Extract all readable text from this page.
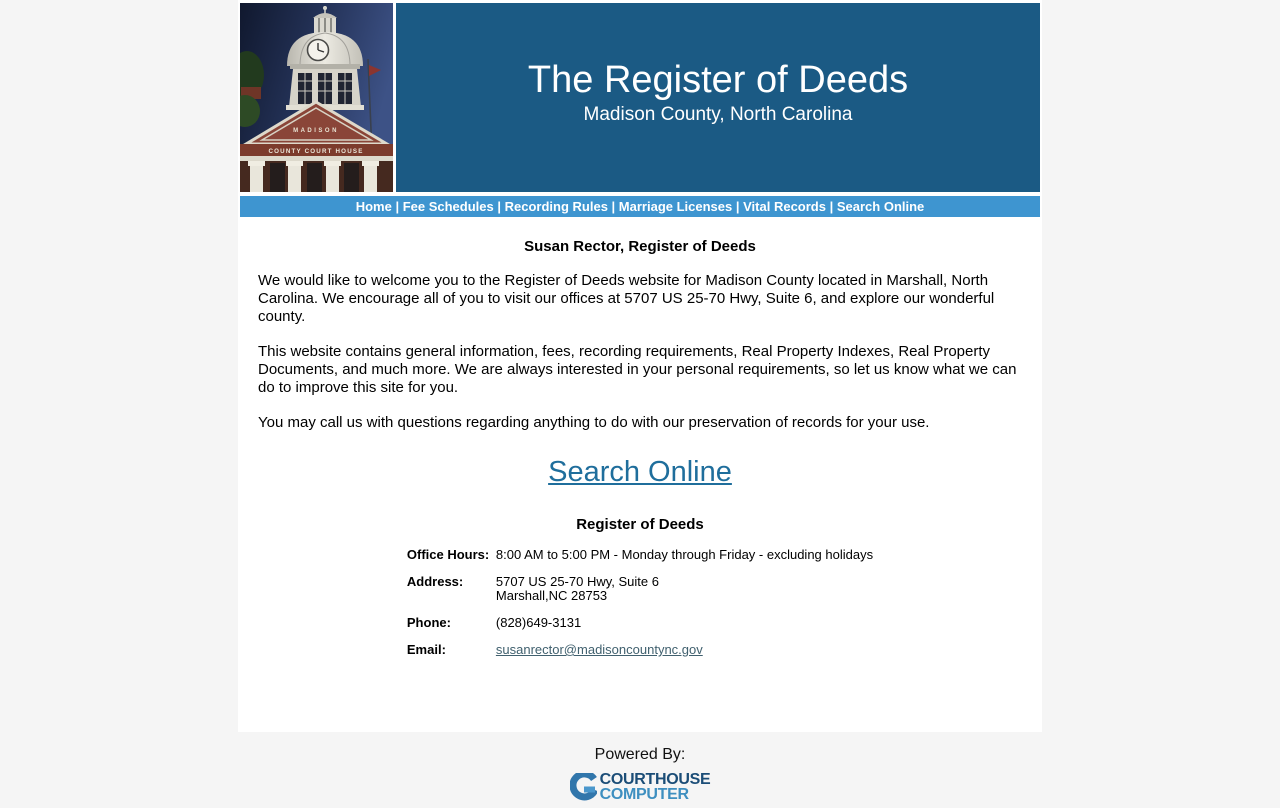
MADISON
COUNTY COURT HOUSE
The Register of Deeds
Madison County, North Carolina
Home | Fee Schedules | Recording Rules | Marriage Licenses | Vital Records | Search Online
Susan Rector, Register of Deeds

We would like to welcome you to the Register of Deeds website for Madison County located in Marshall, North Carolina. We encourage all of you to visit our offices at 5707 US 25-70 Hwy, Suite 6, and explore our wonderful county.

This website contains general information, fees, recording requirements, Real Property Indexes, Real Property Documents, and much more. We are always interested in your personal requirements, so let us know what we can do to improve this site for you.

You may call us with questions regarding anything to do with our preservation of records for your use.

Search Online
Register of Deeds
Office Hours:	8:00 AM to 5:00 PM - Monday through Friday - excluding holidays
Address:	5707 US 25-70 Hwy, Suite 6
Marshall,NC 28753
Phone:	(828)649-3131
Email:	susanrector@madisoncountync.gov
Powered By:
COURTHOUSE
COMPUTER
